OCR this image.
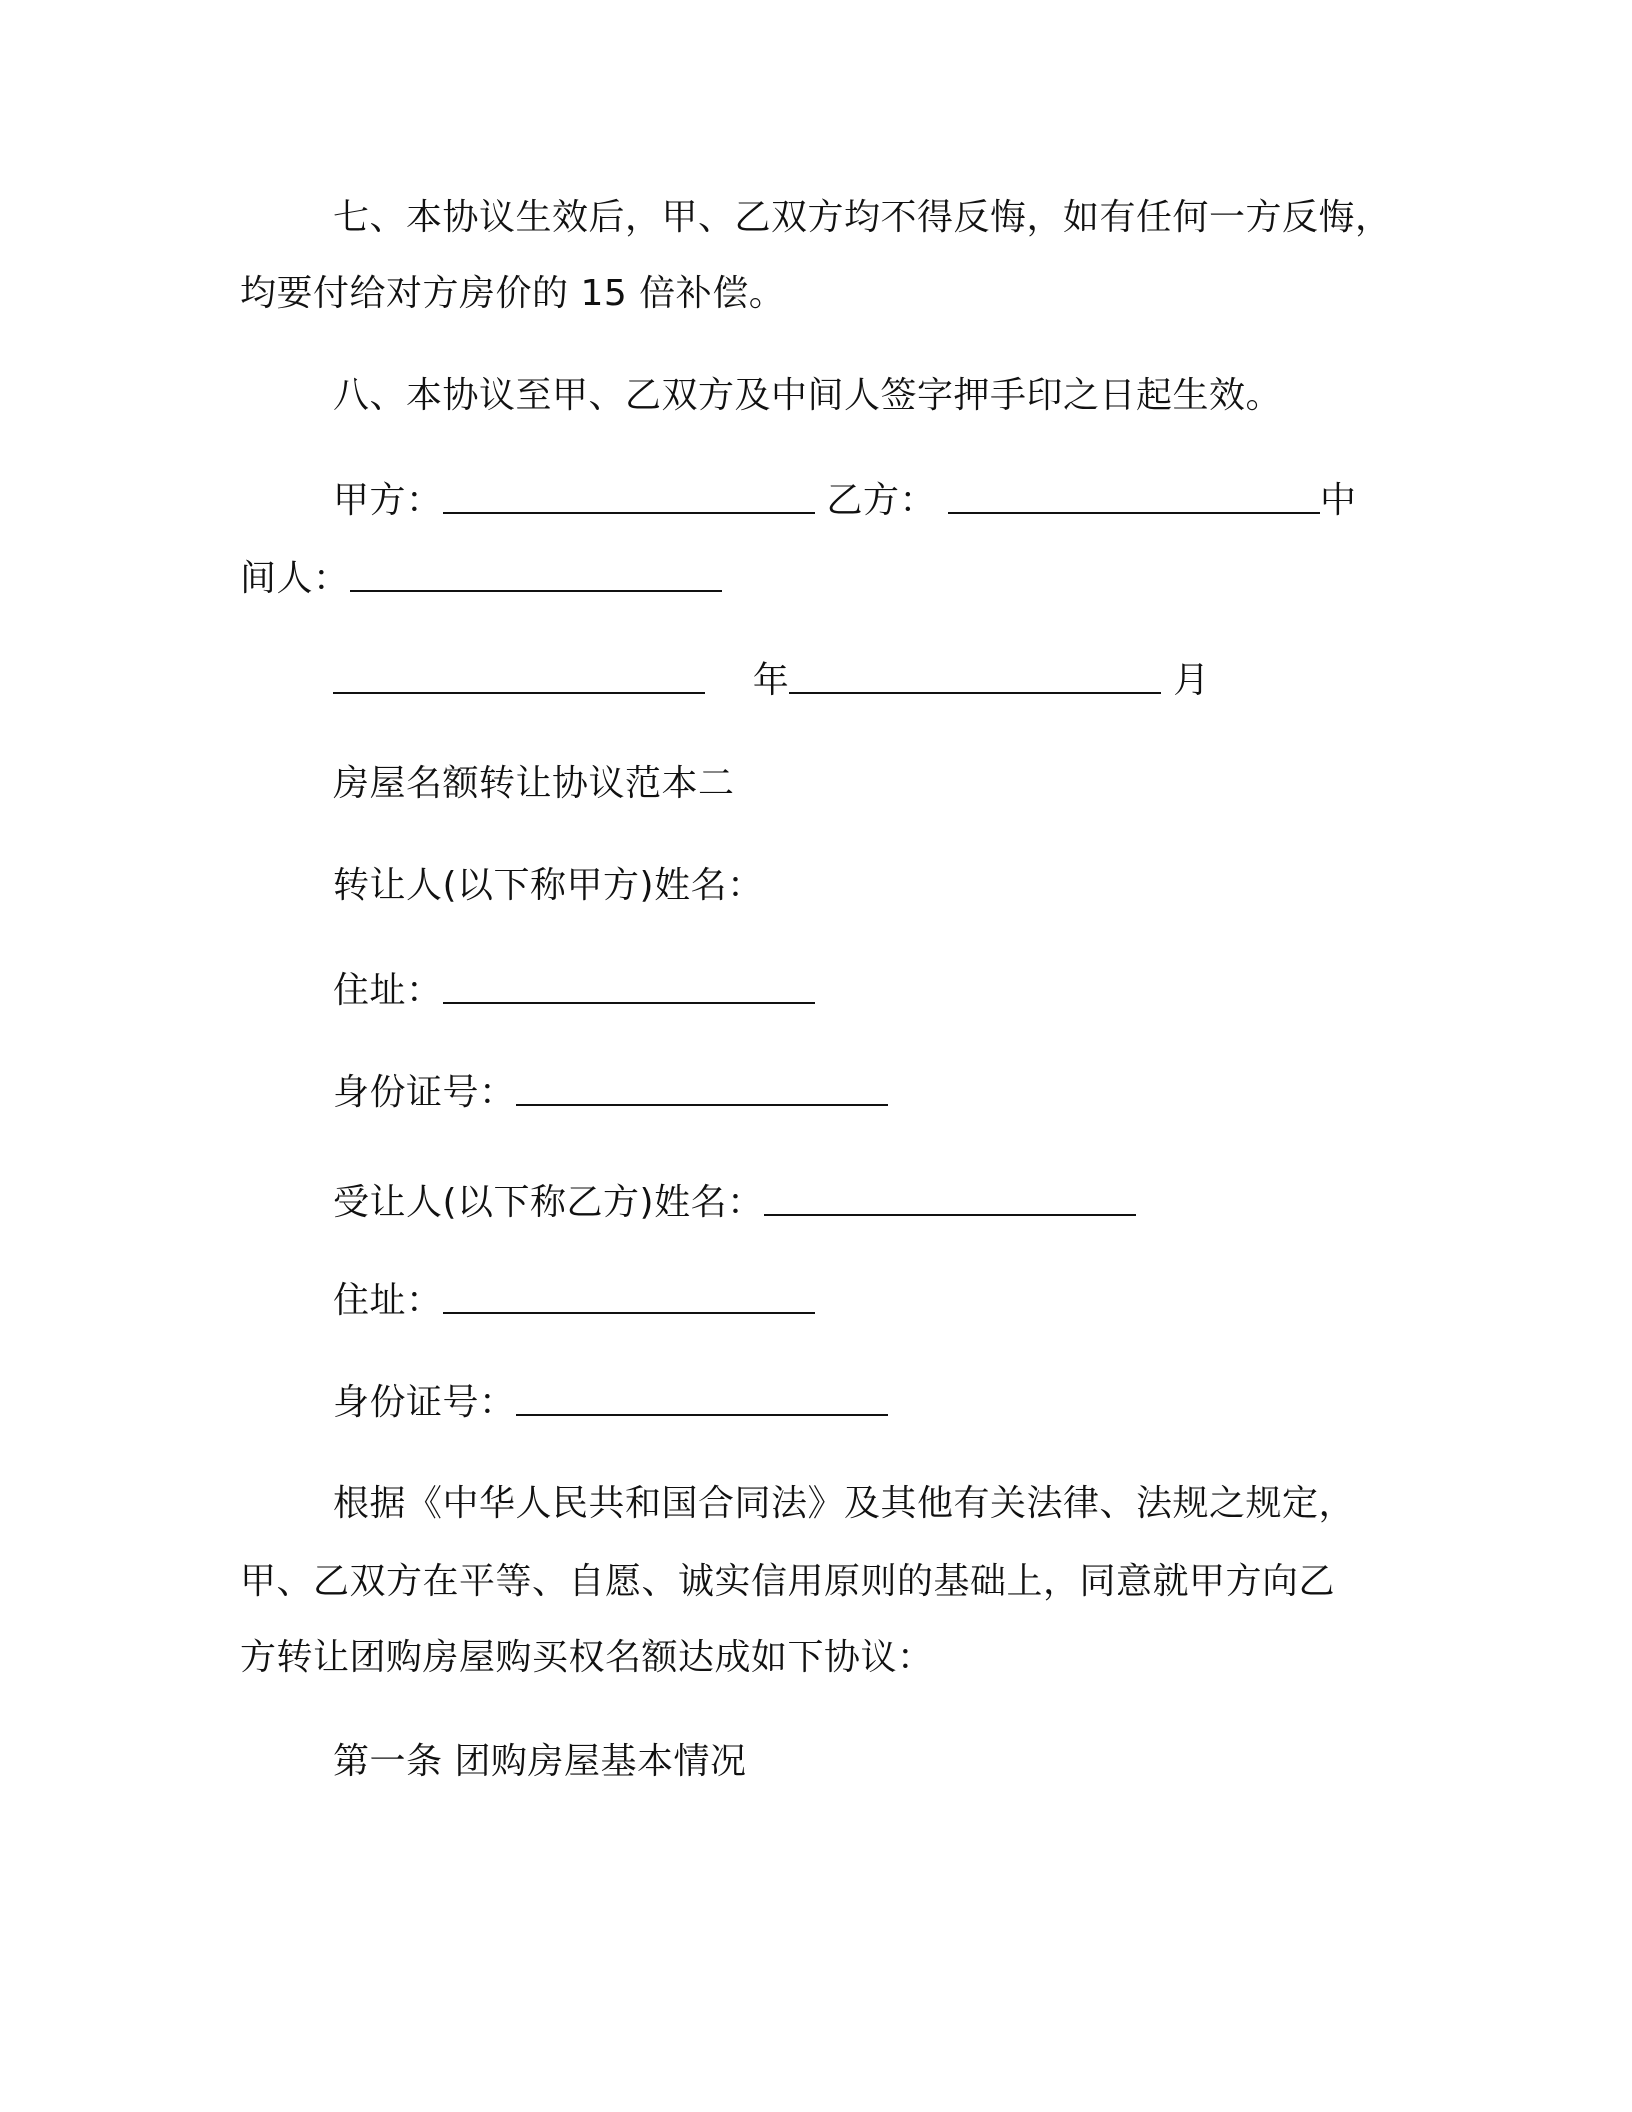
七、本协议生效后，甲、乙双方均不得反悔，如有任何一方反悔，
均要付给对方房价的 15 倍补偿。
八、本协议至甲、乙双方及中间人签字押手印之日起生效。
甲方：	乙方：	中
间人：
年	月
房屋名额转让协议范本二
转让人(以下称甲方)姓名：
住址：
身份证号：
受让人(以下称乙方)姓名：
住址：
身份证号：
根据《中华人民共和国合同法》及其他有关法律、法规之规定，
甲、乙双方在平等、自愿、诚实信用原则的基础上，同意就甲方向乙
方转让团购房屋购买权名额达成如下协议：
第一条 团购房屋基本情况
